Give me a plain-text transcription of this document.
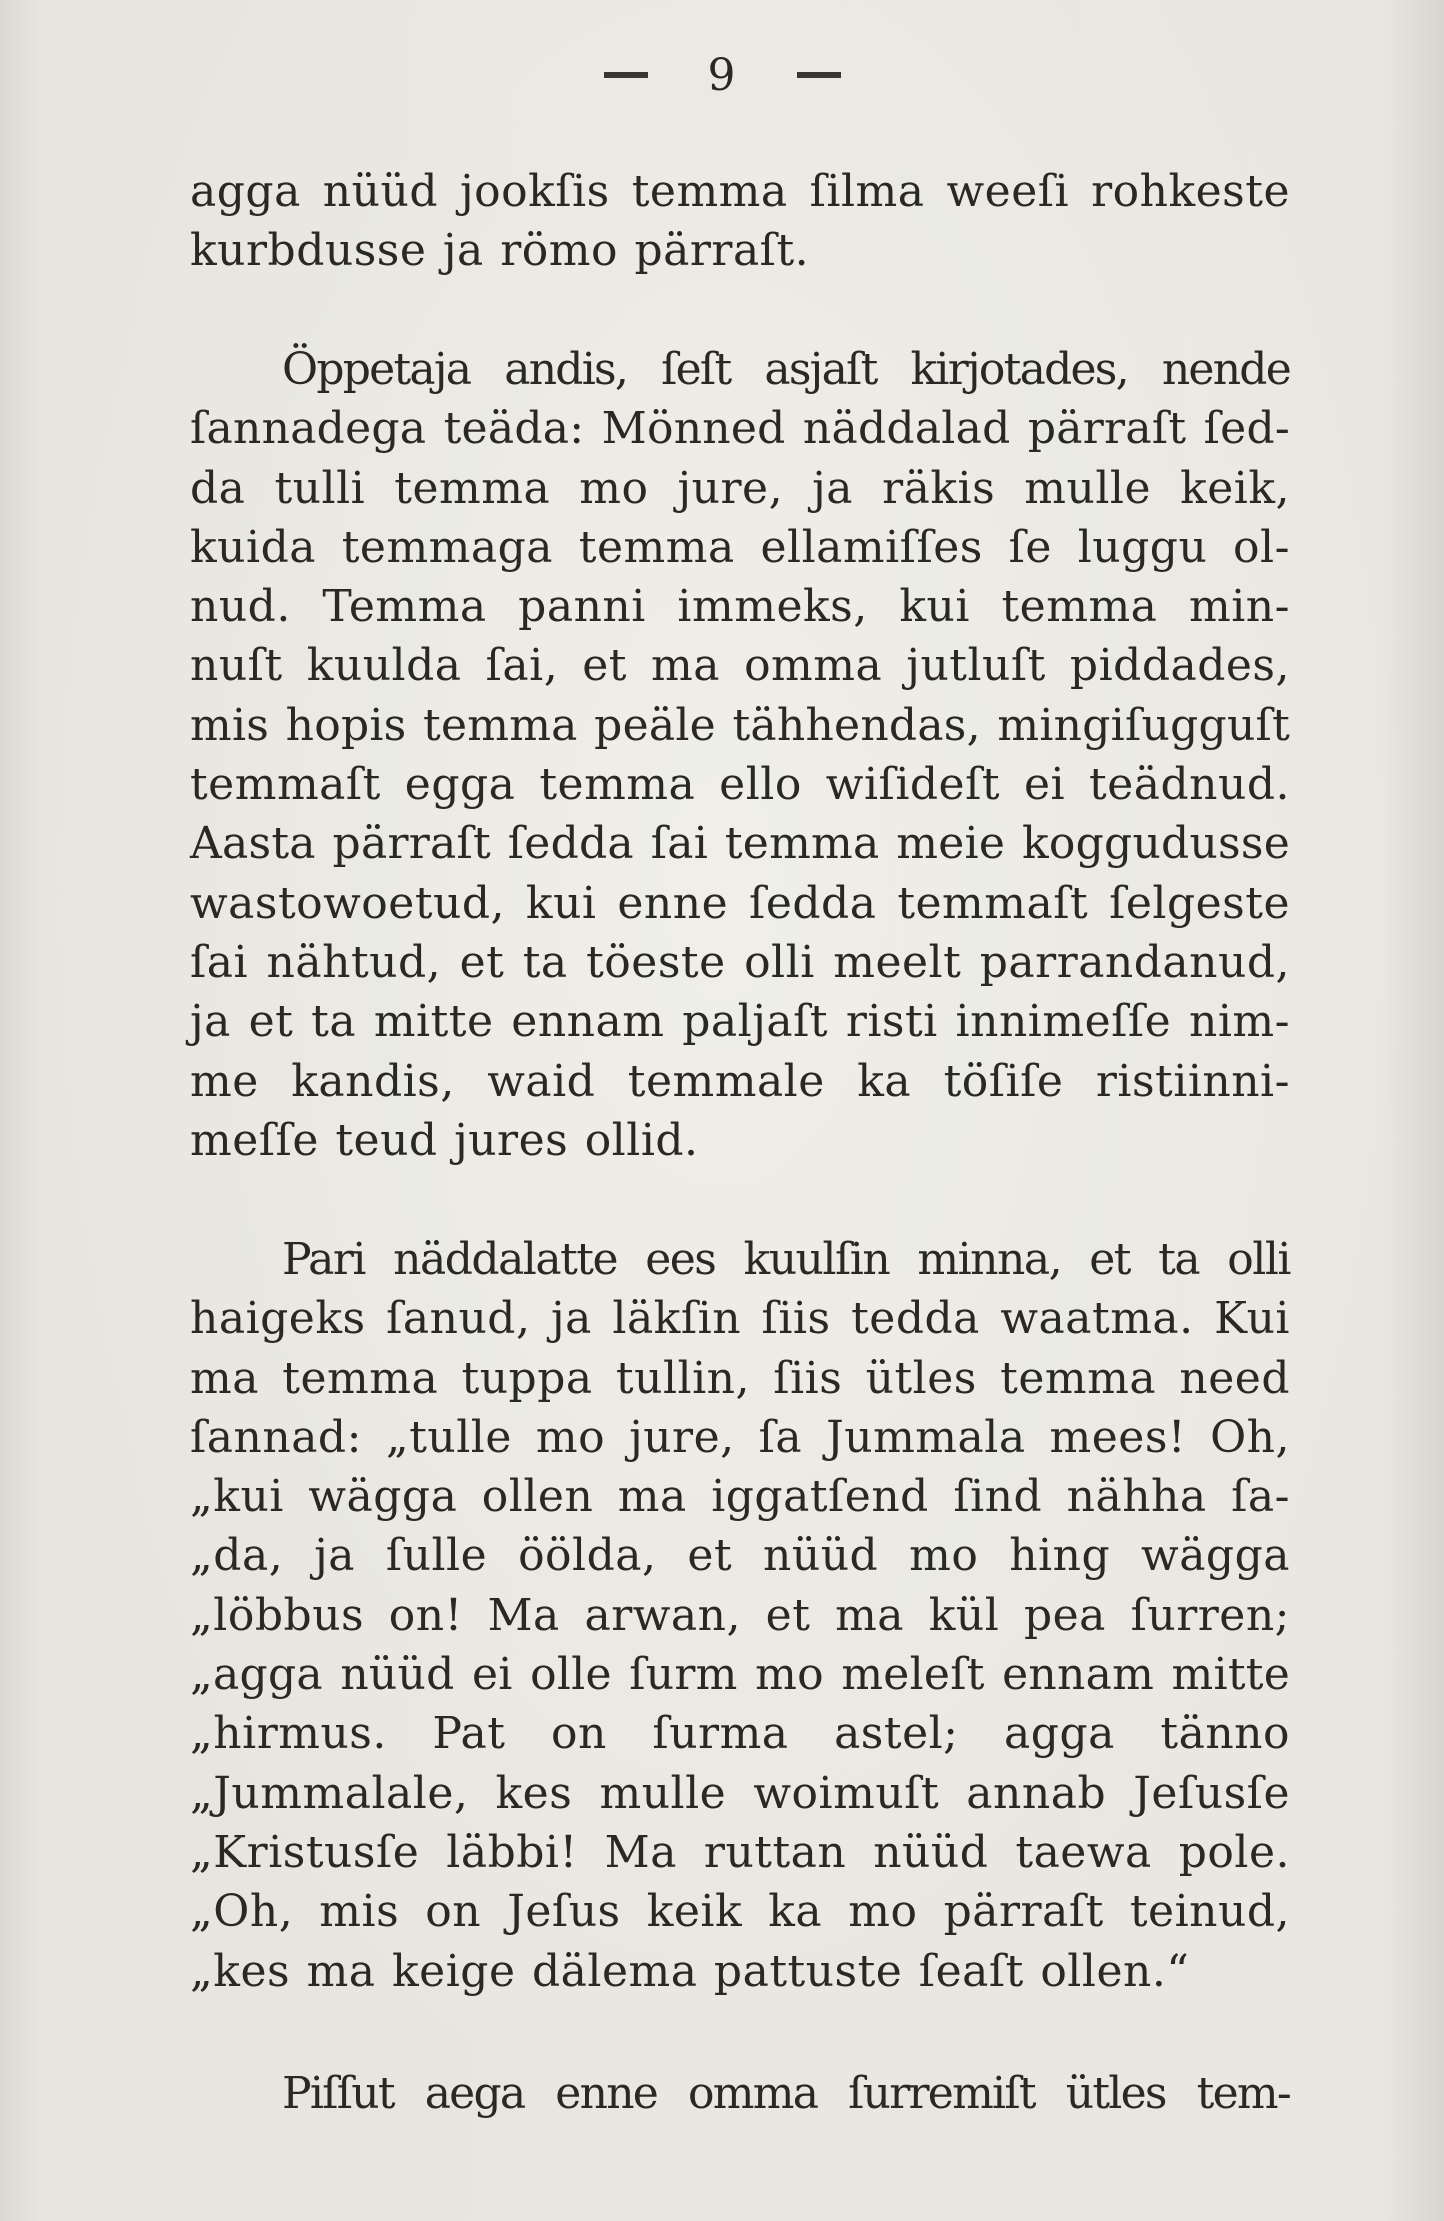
9
agga nüüd jookſis temma ſilma weeſi rohkeste
kurbdusse ja römo pärraſt.
Öppetaja andis, ſeſt asjaſt kirjotades, nende
ſannadega teäda: Mönned näddalad pärraſt ſed-
da tulli temma mo jure, ja räkis mulle keik,
kuida temmaga temma ellamiſſes ſe luggu ol-
nud. Temma panni immeks, kui temma min-
nuſt kuulda ſai, et ma omma jutluſt piddades,
mis hopis temma peäle tähhendas, mingiſugguſt
temmaſt egga temma ello wiſideſt ei teädnud.
Aasta pärraſt ſedda ſai temma meie koggudusse
wastowoetud, kui enne ſedda temmaſt ſelgeste
ſai nähtud, et ta töeste olli meelt parrandanud,
ja et ta mitte ennam paljaſt risti innimeſſe nim-
me kandis, waid temmale ka töſiſe ristiinni-
meſſe teud jures ollid.
Pari näddalatte ees kuulſin minna, et ta olli
haigeks ſanud, ja läkſin ſiis tedda waatma. Kui
ma temma tuppa tullin, ſiis ütles temma need
ſannad: „tulle mo jure, ſa Jummala mees! Oh,
„kui wägga ollen ma iggatſend ſind nähha ſa-
„da, ja ſulle öölda, et nüüd mo hing wägga
„löbbus on! Ma arwan, et ma kül pea ſurren;
„agga nüüd ei olle ſurm mo meleſt ennam mitte
„hirmus. Pat on ſurma astel; agga tänno
„Jummalale, kes mulle woimuſt annab Jeſusſe
„Kristusſe läbbi! Ma ruttan nüüd taewa pole.
„Oh, mis on Jeſus keik ka mo pärraſt teinud,
„kes ma keige dälema pattuste ſeaſt ollen.“
Piſſut aega enne omma ſurremiſt ütles tem-
